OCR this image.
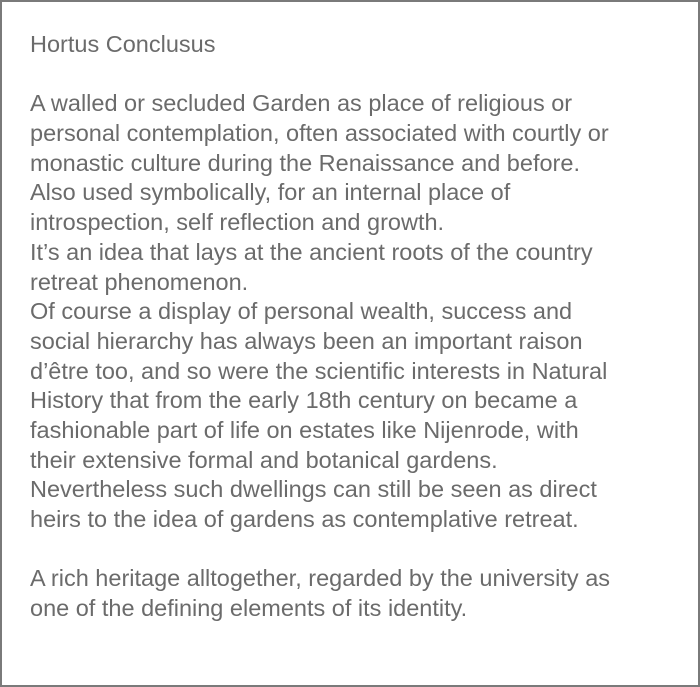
Hortus Conclusus
A walled or secluded Garden as place of religious or
personal contemplation, often associated with courtly or
monastic culture during the Renaissance and before.
Also used symbolically, for an internal place of
introspection, self reflection and growth.
It’s an idea that lays at the ancient roots of the country
retreat phenomenon.
Of course a display of personal wealth, success and
social hierarchy has always been an important raison
d’être too, and so were the scientific interests in Natural
History that from the early 18th century on became a
fashionable part of life on estates like Nijenrode, with
their extensive formal and botanical gardens.
Nevertheless such dwellings can still be seen as direct
heirs to the idea of gardens as contemplative retreat.
A rich heritage alltogether, regarded by the university as
one of the defining elements of its identity.
